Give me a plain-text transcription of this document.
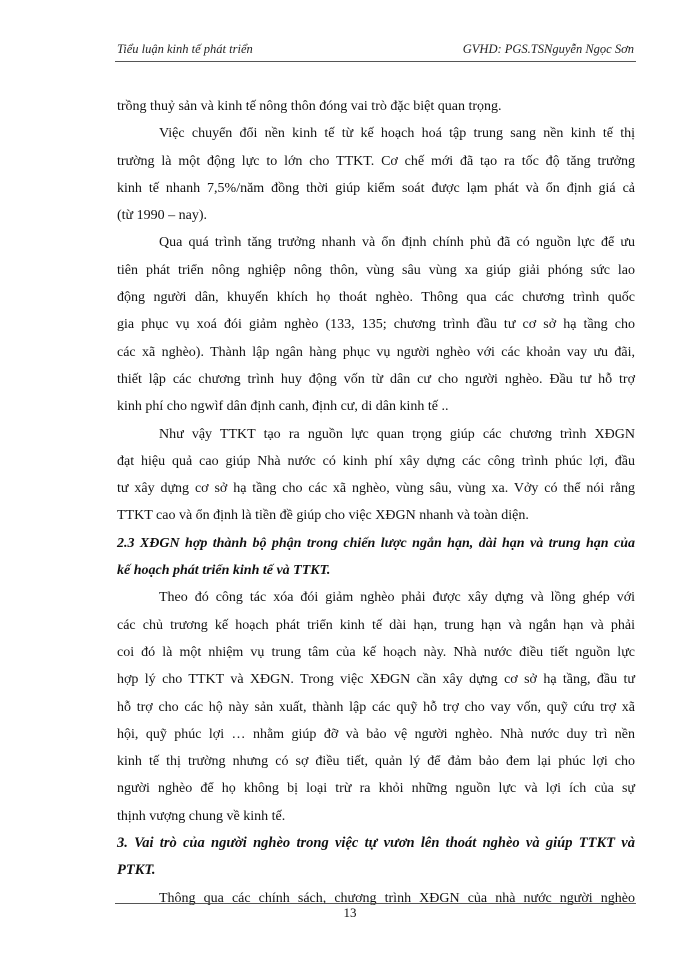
Tiểu luận kinh tế phát triển	GVHD: PGS.TSNguyễn Ngọc Sơn
trồng thuỷ sản và kinh tế nông thôn đóng vai trò đặc biệt quan trọng.
Việc chuyển đổi nền kinh tế từ kế hoạch hoá tập trung sang nền kinh tế thị
trường là một động lực to lớn cho TTKT. Cơ chế mới đã tạo ra tốc độ tăng trưởng
kinh tế nhanh 7,5%/năm đồng thời giúp kiểm soát được lạm phát và ổn định giá cả
(từ 1990 – nay).
Qua quá trình tăng trưởng nhanh và ổn định chính phủ đã có nguồn lực để ưu
tiên phát triển nông nghiệp nông thôn, vùng sâu vùng xa giúp giải phóng sức lao
động người dân, khuyến khích họ thoát nghèo. Thông qua các chương trình quốc
gia phục vụ xoá đói giảm nghèo (133, 135; chương trình đầu tư cơ sở hạ tầng cho
các xã nghèo). Thành lập ngân hàng phục vụ người nghèo với các khoản vay ưu đãi,
thiết lập các chương trình huy động vốn từ dân cư cho người nghèo. Đầu tư hỗ trợ
kinh phí cho ngwìf dân định canh, định cư, di dân kinh tế ..
Như vậy TTKT tạo ra nguồn lực quan trọng giúp các chương trình XĐGN
đạt hiệu quả cao giúp Nhà nước có kinh phí xây dựng các công trình phúc lợi, đầu
tư xây dựng cơ sở hạ tầng cho các xã nghèo, vùng sâu, vùng xa. Vởy có thể nói rằng
TTKT cao và ổn định là tiền đề giúp cho việc XĐGN nhanh và toàn diện.
2.3 XĐGN hợp thành bộ phận trong chiến lược ngắn hạn, dài hạn và trung hạn của
kế hoạch phát triển kinh tế và TTKT.
Theo đó công tác xóa đói giảm nghèo phải được xây dựng và lồng ghép với
các chủ trương kế hoạch phát triển kinh tế dài hạn, trung hạn và ngắn hạn và phải
coi đó là một nhiệm vụ trung tâm của kế hoạch này. Nhà nước điều tiết nguồn lực
hợp lý cho TTKT và XĐGN. Trong việc XĐGN cần xây dựng cơ sở hạ tầng, đầu tư
hỗ trợ cho các hộ này sản xuất, thành lập các quỹ hỗ trợ cho vay vốn, quỹ cứu trợ xã
hội, quỹ phúc lợi … nhằm giúp đỡ và bảo vệ người nghèo. Nhà nước duy trì nền
kinh tế thị trường nhưng có sợ điều tiết, quản lý để đảm bảo đem lại phúc lợi cho
người nghèo để họ không bị loại trừ ra khỏi những nguồn lực và lợi ích của sự
thịnh vượng chung về kinh tế.
3. Vai trò của người nghèo trong việc tự vươn lên thoát nghèo và giúp TTKT và
PTKT.
Thông qua các chính sách, chương trình XĐGN của nhà nước người nghèo
13
